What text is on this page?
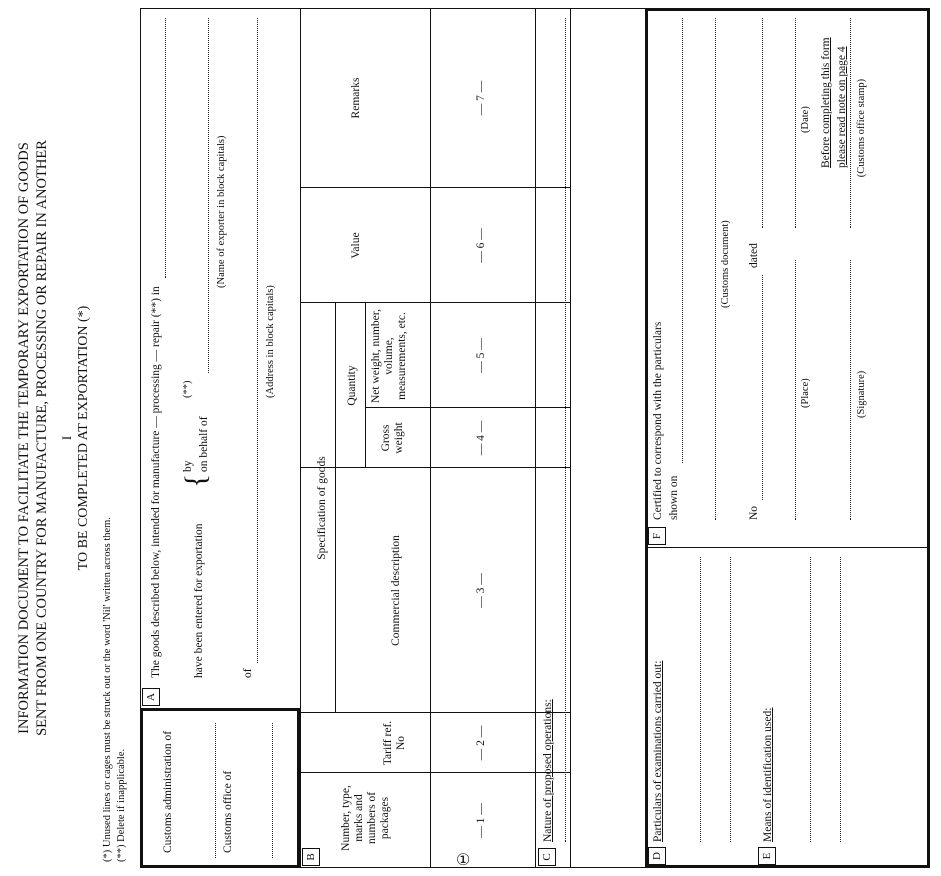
INFORMATION DOCUMENT TO FACILITATE THE TEMPORARY EXPORTATION OF GOODS SENT FROM ONE COUNTRY FOR MANUFACTURE, PROCESSING OR REPAIR IN ANOTHER I TO BE COMPLETED AT EXPORTATION (*)
(*) Unused lines or cages must be struck out or the word 'Nil' written across them. (**) Delete if inapplicable.
Before completing this form please read note on page 4
Customs administration of	Customs office of
A
The goods described below, intended for manufacture — processing — repair (**) in	have been entered for exportation
{
by on behalf of
(**)
(Name of exporter in block capitals)
of
(Address in block capitals)
B
Specification of goods
Quantity
Number, type, marks and numbers of packages
Tariff ref. No
Commercial description
Gross weight
Net weight, number, volume, measurements, etc.
Value
Remarks
— 1 —
— 2 —
— 3 —
— 4 —
— 5 —
— 6 —
— 7 —
C
Nature of proposed operations:
D
Particulars of examinations carried out:
E
Means of identification used:
F
Certified to correspond with the particulars shown on
(Customs document)
No
dated
(Place)
(Date)
(Signature)
(Customs office stamp)
①
